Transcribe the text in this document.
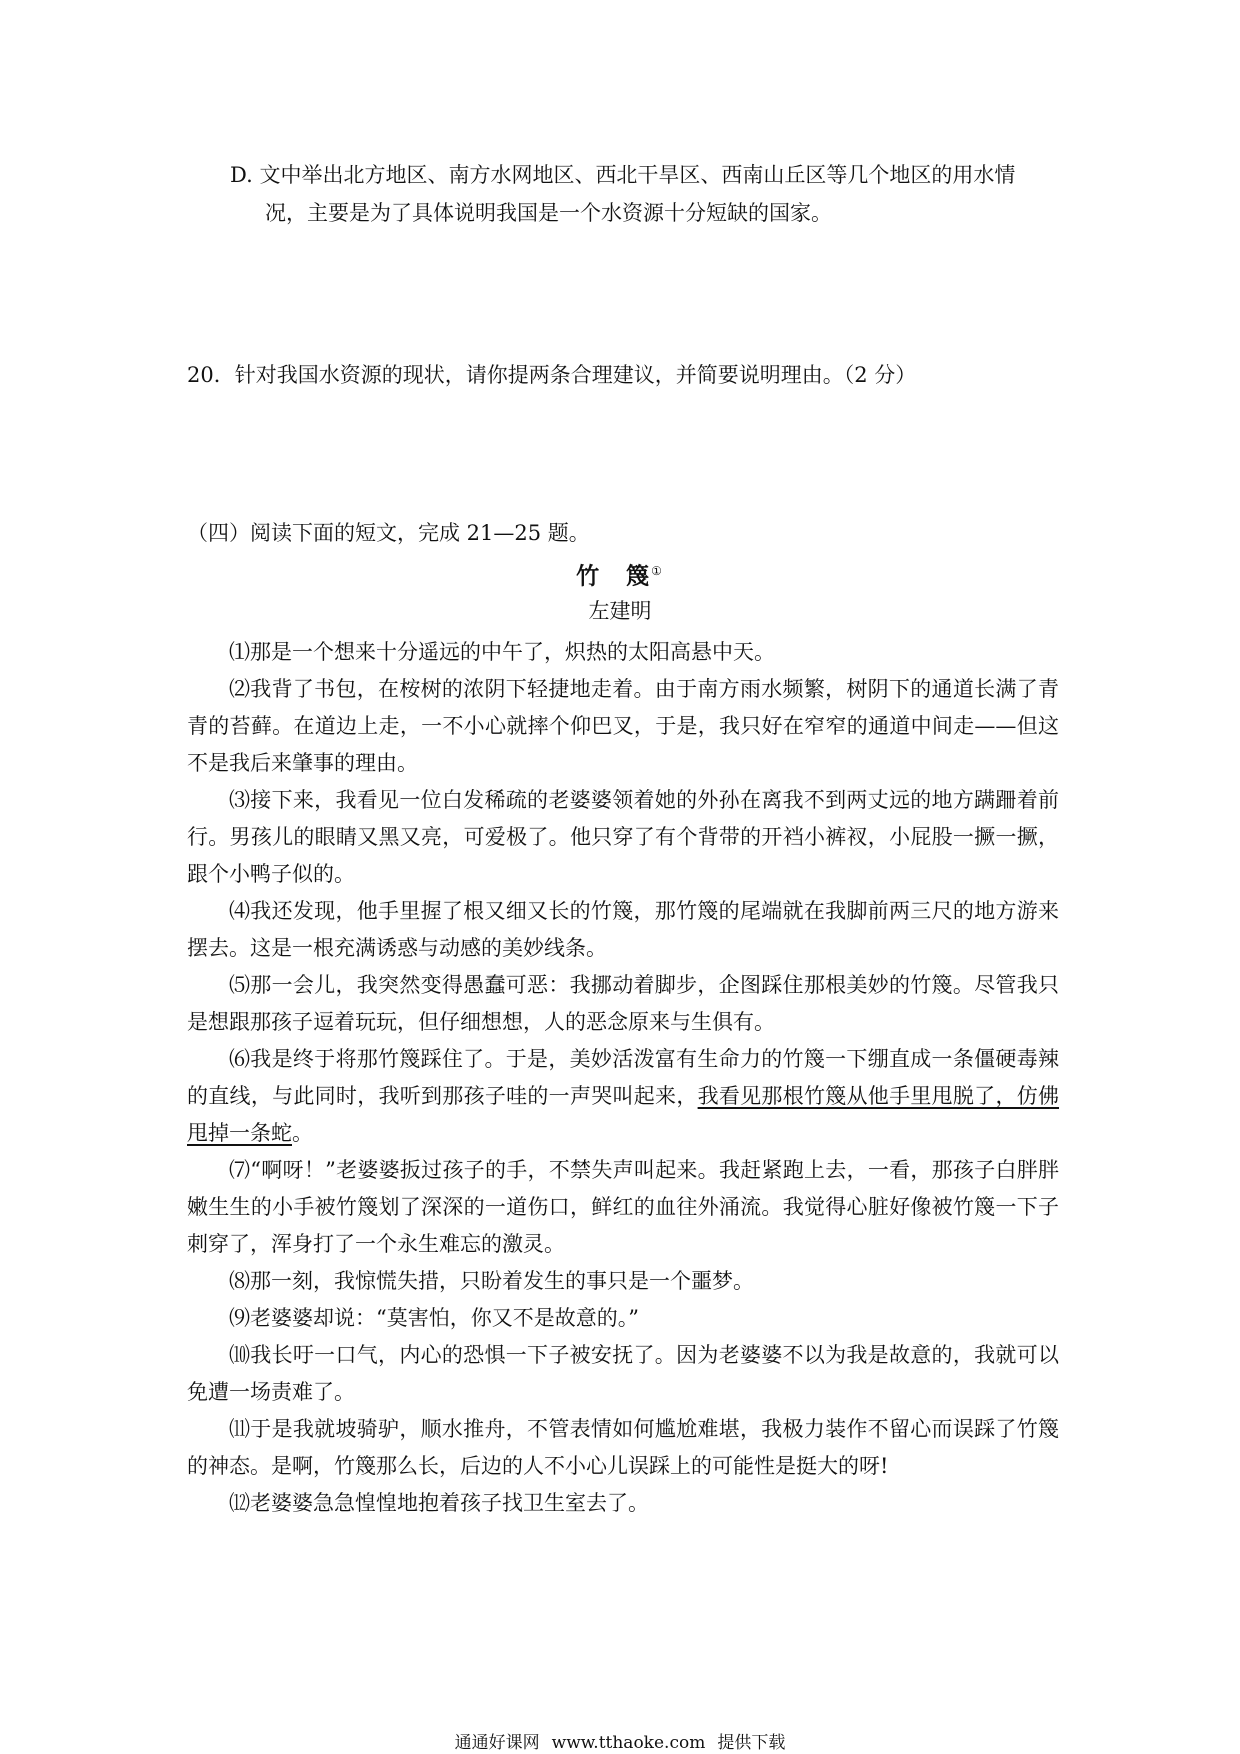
D. 文中举出北方地区、南方水网地区、西北干旱区、西南山丘区等几个地区的用水情
况，主要是为了具体说明我国是一个水资源十分短缺的国家。
20．针对我国水资源的现状，请你提两条合理建议，并简要说明理由。（2 分）
（四）阅读下面的短文，完成 21—25 题。
竹　篾①
左建明
⑴那是一个想来十分遥远的中午了，炽热的太阳高悬中天。
⑵我背了书包，在桉树的浓阴下轻捷地走着。由于南方雨水频繁，树阴下的通道长满了青青的苔藓。在道边上走，一不小心就摔个仰巴叉，于是，我只好在窄窄的通道中间走——但这不是我后来肇事的理由。
⑶接下来，我看见一位白发稀疏的老婆婆领着她的外孙在离我不到两丈远的地方蹒跚着前行。男孩儿的眼睛又黑又亮，可爱极了。他只穿了有个背带的开裆小裤衩，小屁股一撅一撅，跟个小鸭子似的。
⑷我还发现，他手里握了根又细又长的竹篾，那竹篾的尾端就在我脚前两三尺的地方游来摆去。这是一根充满诱惑与动感的美妙线条。
⑸那一会儿，我突然变得愚蠢可恶：我挪动着脚步，企图踩住那根美妙的竹篾。尽管我只是想跟那孩子逗着玩玩，但仔细想想，人的恶念原来与生俱有。
⑹我是终于将那竹篾踩住了。于是，美妙活泼富有生命力的竹篾一下绷直成一条僵硬毒辣的直线，与此同时，我听到那孩子哇的一声哭叫起来，我看见那根竹篾从他手里甩脱了，仿佛甩掉一条蛇。
⑺“啊呀！”老婆婆扳过孩子的手，不禁失声叫起来。我赶紧跑上去，一看，那孩子白胖胖嫩生生的小手被竹篾划了深深的一道伤口，鲜红的血往外涌流。我觉得心脏好像被竹篾一下子刺穿了，浑身打了一个永生难忘的激灵。
⑻那一刻，我惊慌失措，只盼着发生的事只是一个噩梦。
⑼老婆婆却说：“莫害怕，你又不是故意的。”
⑽我长吁一口气，内心的恐惧一下子被安抚了。因为老婆婆不以为我是故意的，我就可以免遭一场责难了。
⑾于是我就坡骑驴，顺水推舟，不管表情如何尴尬难堪，我极力装作不留心而误踩了竹篾的神态。是啊，竹篾那么长，后边的人不小心儿误踩上的可能性是挺大的呀!
⑿老婆婆急急惶惶地抱着孩子找卫生室去了。
通通好课网 www.tthaoke.com 提供下载
